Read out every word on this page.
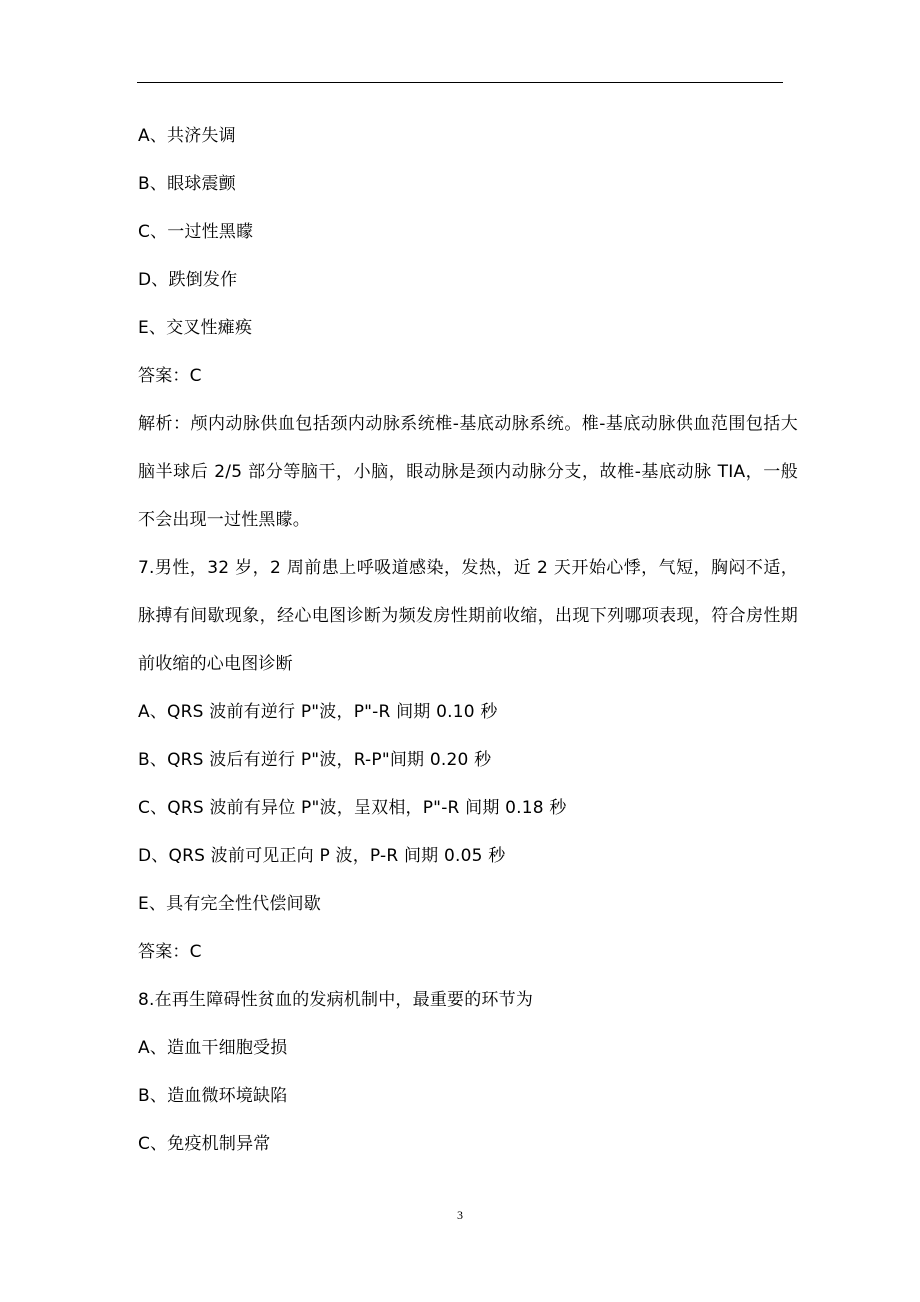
A、共济失调
B、眼球震颤
C、一过性黑矇
D、跌倒发作
E、交叉性瘫痪
答案：C
解析：颅内动脉供血包括颈内动脉系统椎-基底动脉系统。椎-基底动脉供血范围包括大脑半球后 2/5 部分等脑干，小脑，眼动脉是颈内动脉分支，故椎-基底动脉 TIA，一般不会出现一过性黑矇。
7.男性，32 岁，2 周前患上呼吸道感染，发热，近 2 天开始心悸，气短，胸闷不适，脉搏有间歇现象，经心电图诊断为频发房性期前收缩，出现下列哪项表现，符合房性期前收缩的心电图诊断
A、QRS 波前有逆行 P"波，P"-R 间期 0.10 秒
B、QRS 波后有逆行 P"波，R-P"间期 0.20 秒
C、QRS 波前有异位 P"波，呈双相，P"-R 间期 0.18 秒
D、QRS 波前可见正向 P 波，P-R 间期 0.05 秒
E、具有完全性代偿间歇
答案：C
8.在再生障碍性贫血的发病机制中，最重要的环节为
A、造血干细胞受损
B、造血微环境缺陷
C、免疫机制异常
3
